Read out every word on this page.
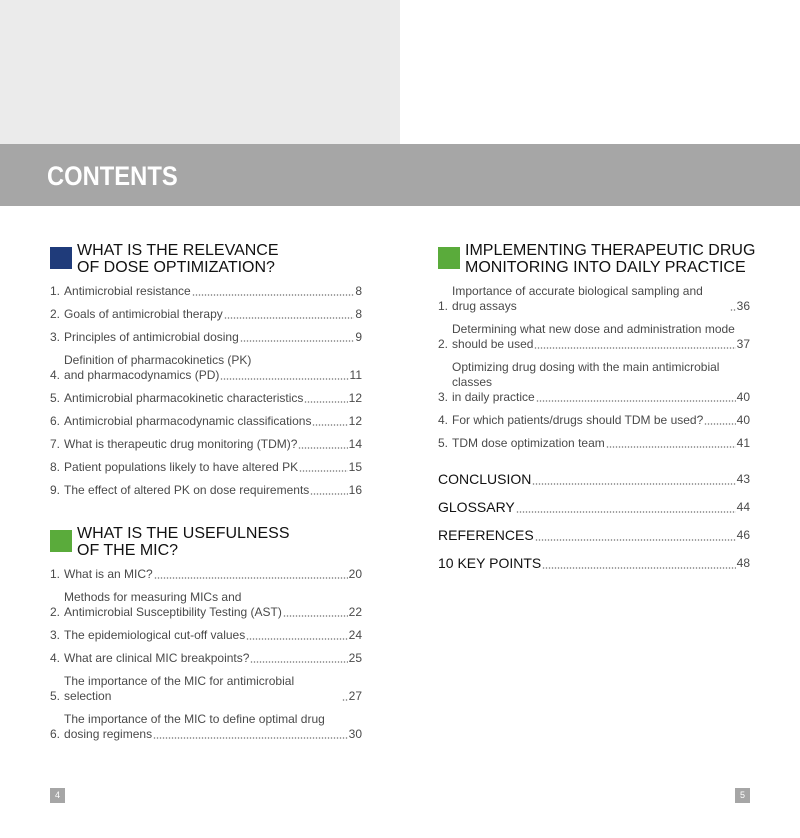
CONTENTS
WHAT IS THE RELEVANCE
OF DOSE OPTIMIZATION?
1. Antimicrobial resistance	8
2. Goals of antimicrobial therapy	8
3. Principles of antimicrobial dosing	9
4.
Definition of pharmacokinetics (PK)
and pharmacodynamics (PD)	11
5. Antimicrobial pharmacokinetic characteristics	12
6. Antimicrobial pharmacodynamic classifications	12
7. What is therapeutic drug monitoring (TDM)?	14
8. Patient populations likely to have altered PK	15
9. The effect of altered PK on dose requirements	16
WHAT IS THE USEFULNESS
OF THE MIC?
1. What is an MIC?	20
2.
Methods for measuring MICs and
Antimicrobial Susceptibility Testing (AST)	22
3. The epidemiological cut-off values	24
4. What are clinical MIC breakpoints?	25
5.
The importance of the MIC for antimicrobial selection	27
6.
The importance of the MIC to define optimal drug
dosing regimens	30
IMPLEMENTING THERAPEUTIC DRUG
MONITORING INTO DAILY PRACTICE
1.
Importance of accurate biological sampling and drug assays	36
2.
Determining what new dose and administration mode
should be used	37
3.
Optimizing drug dosing with the main antimicrobial classes
in daily practice	40
4. For which patients/drugs should TDM be used?	40
5. TDM dose optimization team	41
CONCLUSION	43
GLOSSARY	44
REFERENCES	46
10 KEY POINTS	48
4	5
